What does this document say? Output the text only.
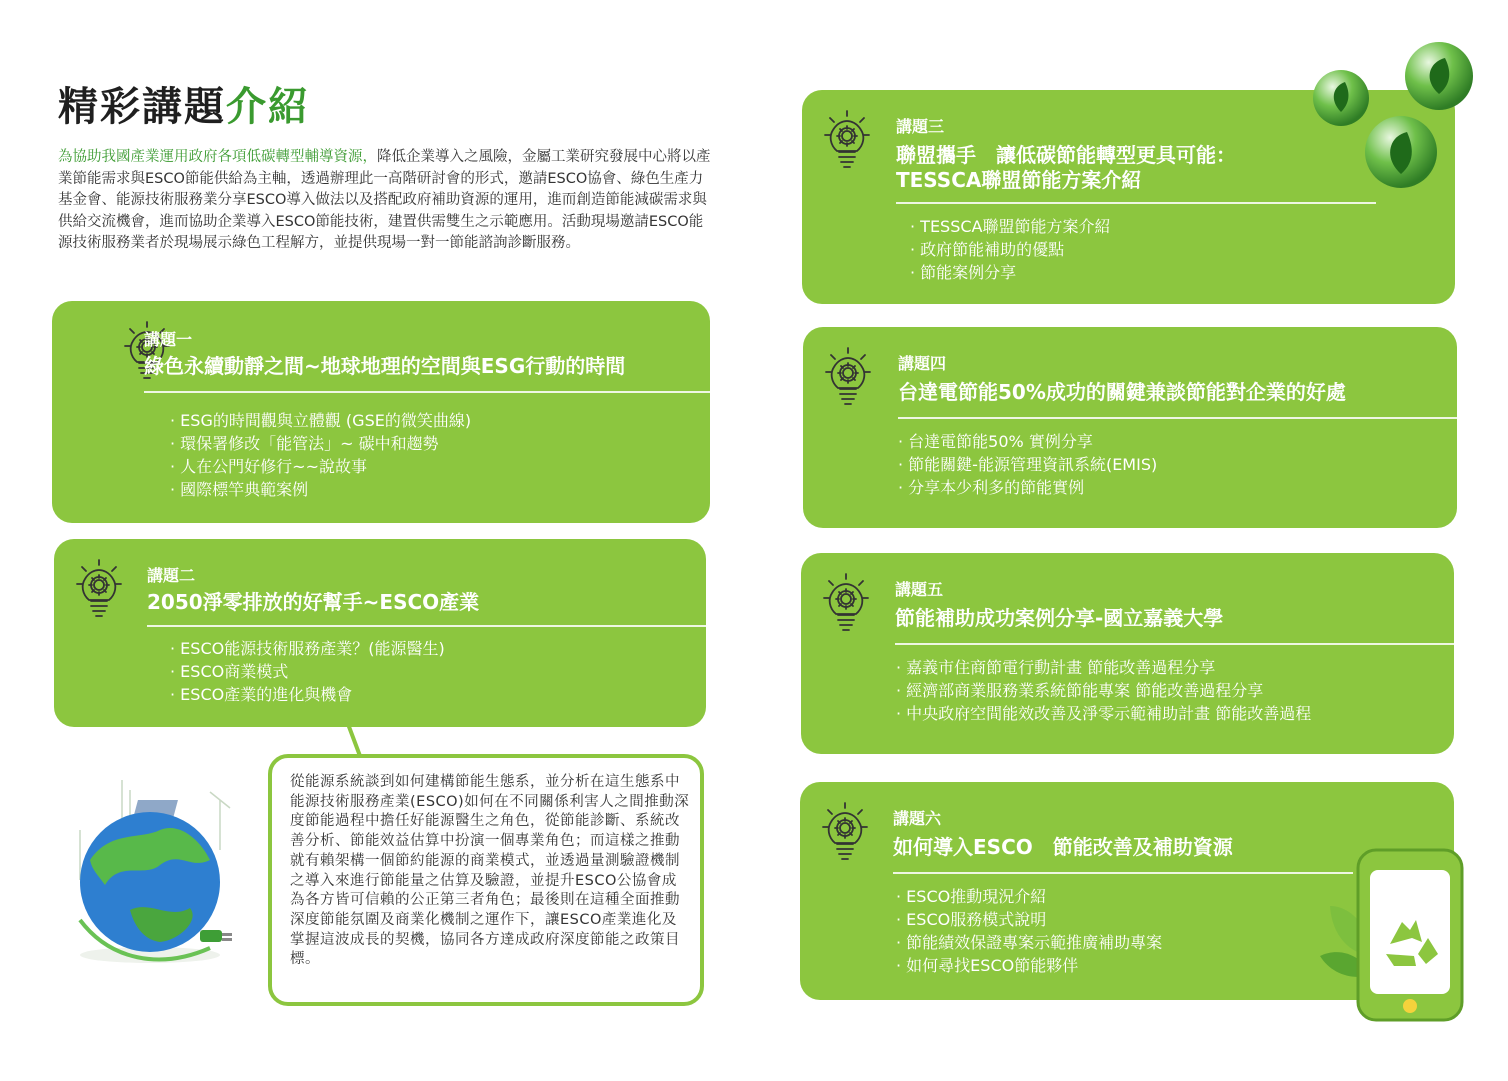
精彩講題介紹

為協助我國產業運用政府各項低碳轉型輔導資源，降低企業導入之風險，金屬工業研究發展中心將以產業節能需求與ESCO節能供給為主軸，透過辦理此一高階研討會的形式，邀請ESCO協會、綠色生產力基金會、能源技術服務業分享ESCO導入做法以及搭配政府補助資源的運用，進而創造節能減碳需求與供給交流機會，進而協助企業導入ESCO節能技術，建置供需雙生之示範應用。活動現場邀請ESCO能源技術服務業者於現場展示綠色工程解方，並提供現場一對一節能諮詢診斷服務。

講題一
綠色永續動靜之間~地球地理的空間與ESG行動的時間
· ESG的時間觀與立體觀 (GSE的微笑曲線)
· 環保署修改「能管法」~ 碳中和趨勢
· 人在公門好修行~~說故事
· 國際標竿典範案例
講題二
2050淨零排放的好幫手~ESCO產業
· ESCO能源技術服務產業？(能源醫生)
· ESCO商業模式
· ESCO產業的進化與機會

從能源系統談到如何建構節能生態系，並分析在這生態系中能源技術服務產業(ESCO)如何在不同關係利害人之間推動深度節能過程中擔任好能源醫生之角色，從節能診斷、系統改善分析、節能效益估算中扮演一個專業角色；而這樣之推動就有賴架構一個節約能源的商業模式，並透過量測驗證機制之導入來進行節能量之估算及驗證，並提升ESCO公協會成為各方皆可信賴的公正第三者角色；最後則在這種全面推動深度節能氛圍及商業化機制之運作下，讓ESCO產業進化及掌握這波成長的契機，協同各方達成政府深度節能之政策目標。

講題三
聯盟攜手　讓低碳節能轉型更具可能：
TESSCA聯盟節能方案介紹
· TESSCA聯盟節能方案介紹
· 政府節能補助的優點
· 節能案例分享
講題四
台達電節能50%成功的關鍵兼談節能對企業的好處
· 台達電節能50% 實例分享
· 節能關鍵-能源管理資訊系統(EMIS)
· 分享本少利多的節能實例
講題五
節能補助成功案例分享-國立嘉義大學
· 嘉義市住商節電行動計畫 節能改善過程分享
· 經濟部商業服務業系統節能專案 節能改善過程分享
· 中央政府空間能效改善及淨零示範補助計畫 節能改善過程
講題六
如何導入ESCO　節能改善及補助資源
· ESCO推動現況介紹
· ESCO服務模式說明
· 節能績效保證專案示範推廣補助專案
· 如何尋找ESCO節能夥伴
